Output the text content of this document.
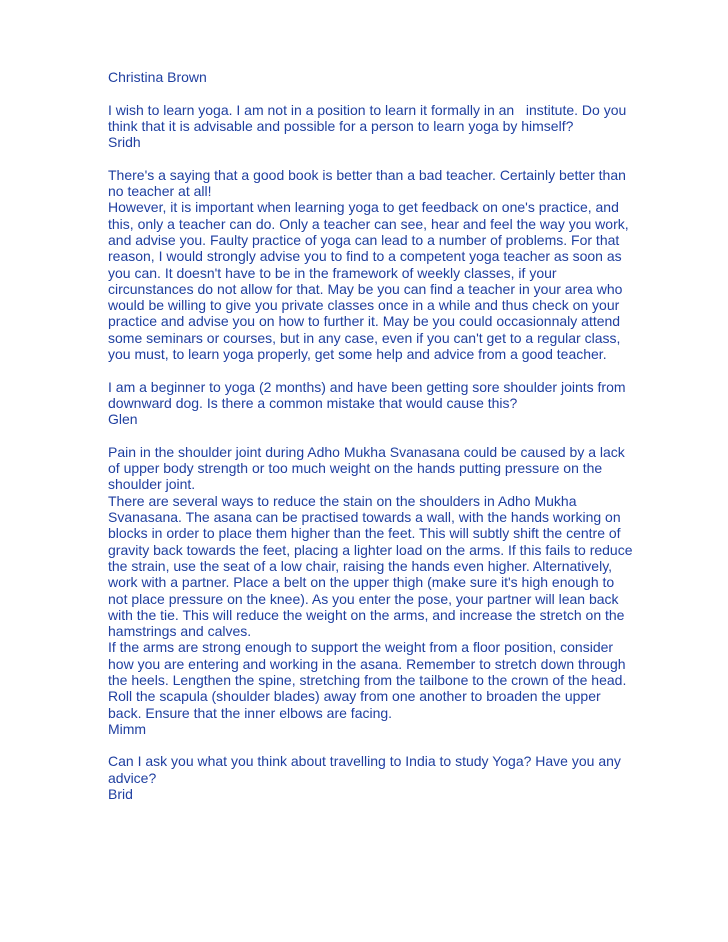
Christina Brown
I wish to learn yoga. I am not in a position to learn it formally in an   institute. Do you
think that it is advisable and possible for a person to learn yoga by himself?
Sridh
There's a saying that a good book is better than a bad teacher. Certainly better than
no teacher at all!
However, it is important when learning yoga to get feedback on one's practice, and
this, only a teacher can do. Only a teacher can see, hear and feel the way you work,
and advise you. Faulty practice of yoga can lead to a number of problems. For that
reason, I would strongly advise you to find to a competent yoga teacher as soon as
you can. It doesn't have to be in the framework of weekly classes, if your
circunstances do not allow for that. May be you can find a teacher in your area who
would be willing to give you private classes once in a while and thus check on your
practice and advise you on how to further it. May be you could occasionnaly attend
some seminars or courses, but in any case, even if you can't get to a regular class,
you must, to learn yoga properly, get some help and advice from a good teacher.
I am a beginner to yoga (2 months) and have been getting sore shoulder joints from
downward dog. Is there a common mistake that would cause this?
Glen
Pain in the shoulder joint during Adho Mukha Svanasana could be caused by a lack
of upper body strength or too much weight on the hands putting pressure on the
shoulder joint.
There are several ways to reduce the stain on the shoulders in Adho Mukha
Svanasana. The asana can be practised towards a wall, with the hands working on
blocks in order to place them higher than the feet. This will subtly shift the centre of
gravity back towards the feet, placing a lighter load on the arms. If this fails to reduce
the strain, use the seat of a low chair, raising the hands even higher. Alternatively,
work with a partner. Place a belt on the upper thigh (make sure it's high enough to
not place pressure on the knee). As you enter the pose, your partner will lean back
with the tie. This will reduce the weight on the arms, and increase the stretch on the
hamstrings and calves.
If the arms are strong enough to support the weight from a floor position, consider
how you are entering and working in the asana. Remember to stretch down through
the heels. Lengthen the spine, stretching from the tailbone to the crown of the head.
Roll the scapula (shoulder blades) away from one another to broaden the upper
back. Ensure that the inner elbows are facing.
Mimm
Can I ask you what you think about travelling to India to study Yoga? Have you any
advice?
Brid
